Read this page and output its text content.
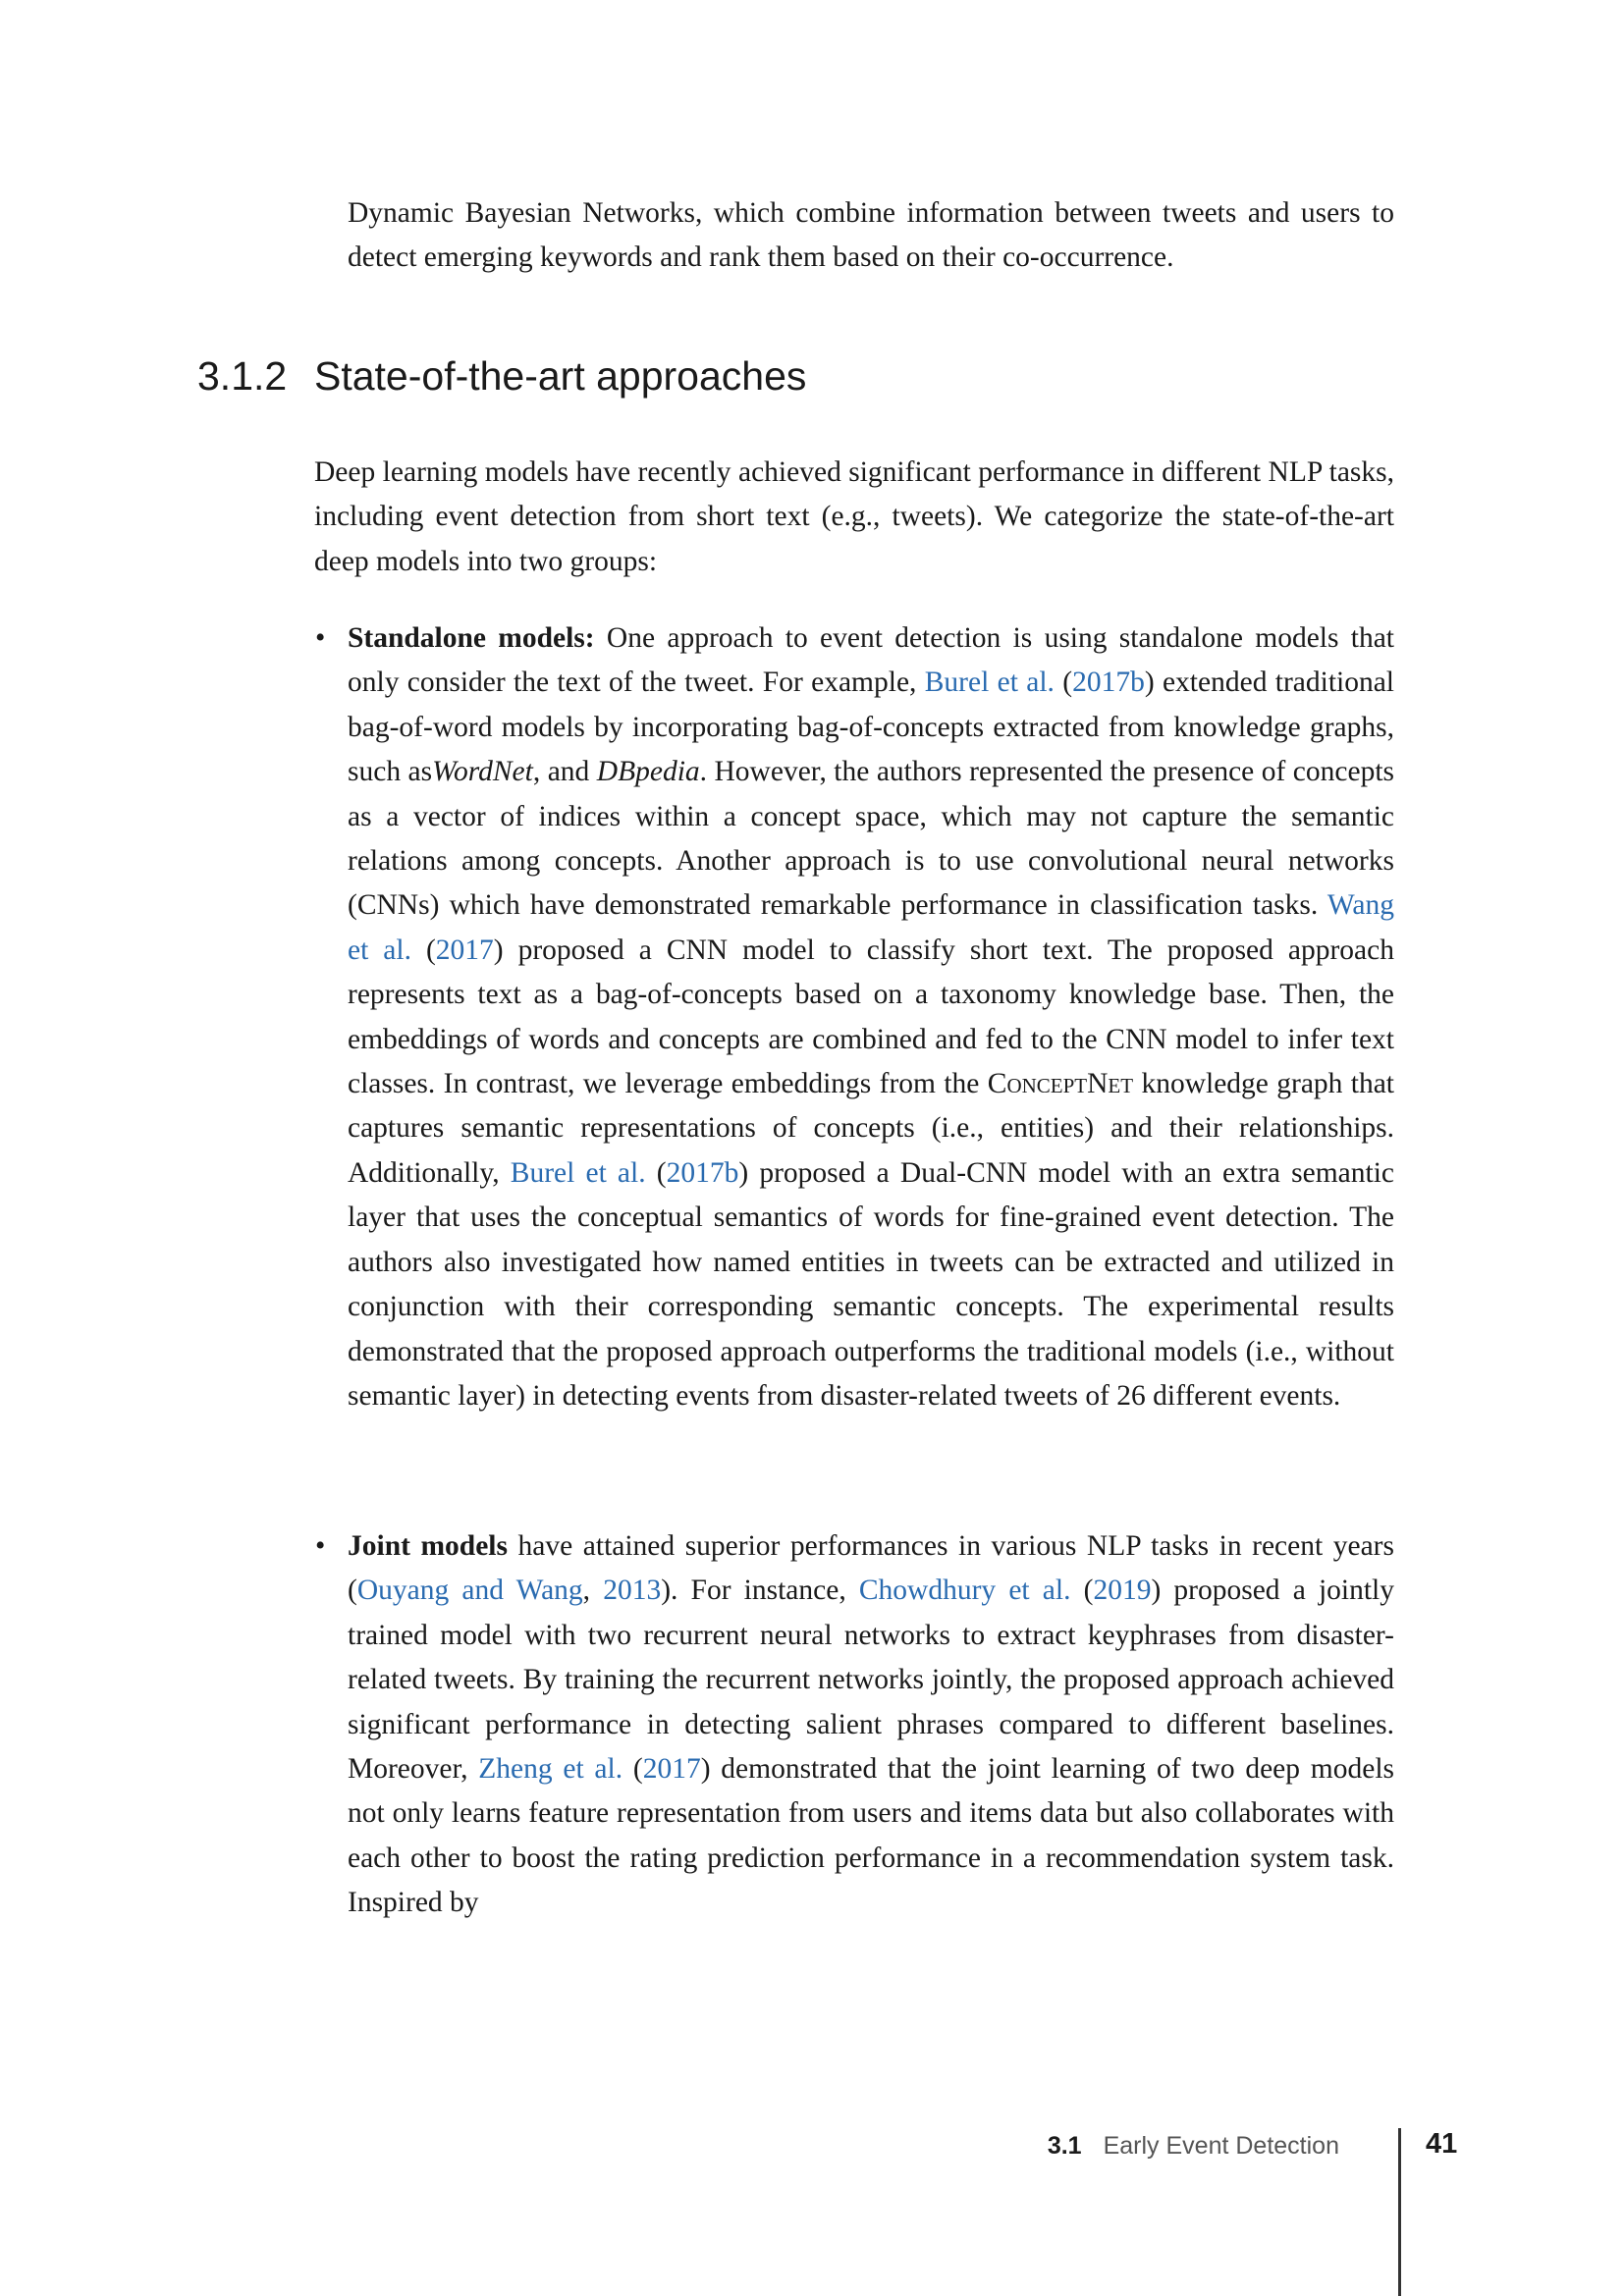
Dynamic Bayesian Networks, which combine information between tweets and users to detect emerging keywords and rank them based on their co-occurrence.
3.1.2 State-of-the-art approaches
Deep learning models have recently achieved significant performance in different NLP tasks, including event detection from short text (e.g., tweets). We categorize the state-of-the-art deep models into two groups:
• Standalone models: One approach to event detection is using standalone models that only consider the text of the tweet. For example, Burel et al. (2017b) extended traditional bag-of-word models by incorporating bag-of-concepts extracted from knowledge graphs, such asWordNet, and DBpedia. However, the authors represented the presence of concepts as a vector of indices within a concept space, which may not capture the semantic relations among concepts. Another approach is to use convolutional neural networks (CNNs) which have demonstrated remarkable performance in classification tasks. Wang et al. (2017) proposed a CNN model to classify short text. The proposed approach represents text as a bag-of-concepts based on a taxonomy knowledge base. Then, the embeddings of words and concepts are combined and fed to the CNN model to infer text classes. In contrast, we leverage embeddings from the ConceptNet knowledge graph that captures semantic representations of concepts (i.e., entities) and their relationships. Additionally, Burel et al. (2017b) proposed a Dual-CNN model with an extra semantic layer that uses the conceptual semantics of words for fine-grained event detection. The authors also investigated how named entities in tweets can be extracted and utilized in conjunction with their corresponding semantic concepts. The experimental results demonstrated that the proposed approach outperforms the traditional models (i.e., without semantic layer) in detecting events from disaster-related tweets of 26 different events.
• Joint models have attained superior performances in various NLP tasks in recent years (Ouyang and Wang, 2013). For instance, Chowdhury et al. (2019) proposed a jointly trained model with two recurrent neural networks to extract keyphrases from disaster-related tweets. By training the recurrent networks jointly, the proposed approach achieved significant performance in detecting salient phrases compared to different baselines. Moreover, Zheng et al. (2017) demonstrated that the joint learning of two deep models not only learns feature representation from users and items data but also collaborates with each other to boost the rating prediction performance in a recommendation system task. Inspired by
3.1 Early Event Detection	41
